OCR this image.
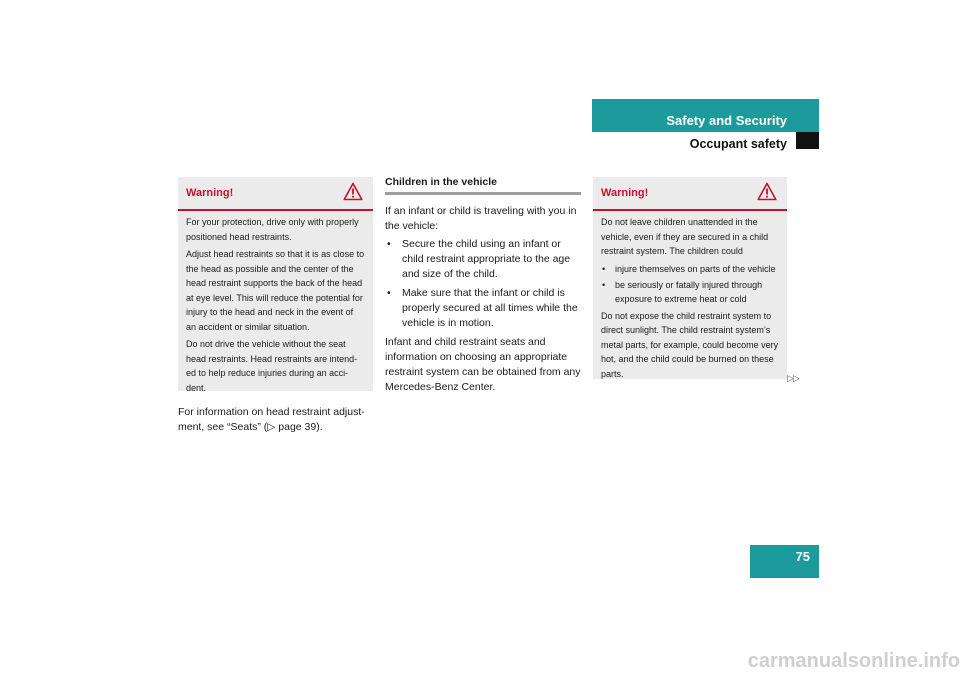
Safety and Security
Occupant safety
Warning!

For your protection, drive only with properly positioned head restraints.

Adjust head restraints so that it is as close to the head as possible and the center of the head restraint supports the back of the head at eye level. This will reduce the potential for injury to the head and neck in the event of an accident or similar situation.

Do not drive the vehicle without the seat head restraints. Head restraints are intend-ed to help reduce injuries during an acci-dent.

For information on head restraint adjust-ment, see “Seats” (▷ page 39).

Children in the vehicle

If an infant or child is traveling with you in the vehicle:

• Secure the child using an infant or child restraint appropriate to the age and size of the child.
• Make sure that the infant or child is properly secured at all times while the vehicle is in motion.

Infant and child restraint seats and information on choosing an appropriate restraint system can be obtained from any Mercedes-Benz Center.

Warning!

Do not leave children unattended in the vehicle, even if they are secured in a child restraint system. The children could

• injure themselves on parts of the vehicle
• be seriously or fatally injured through exposure to extreme heat or cold

Do not expose the child restraint system to direct sunlight. The child restraint system’s metal parts, for example, could become very hot, and the child could be burned on these parts.	▷▷
75
carmanualsonline.info
